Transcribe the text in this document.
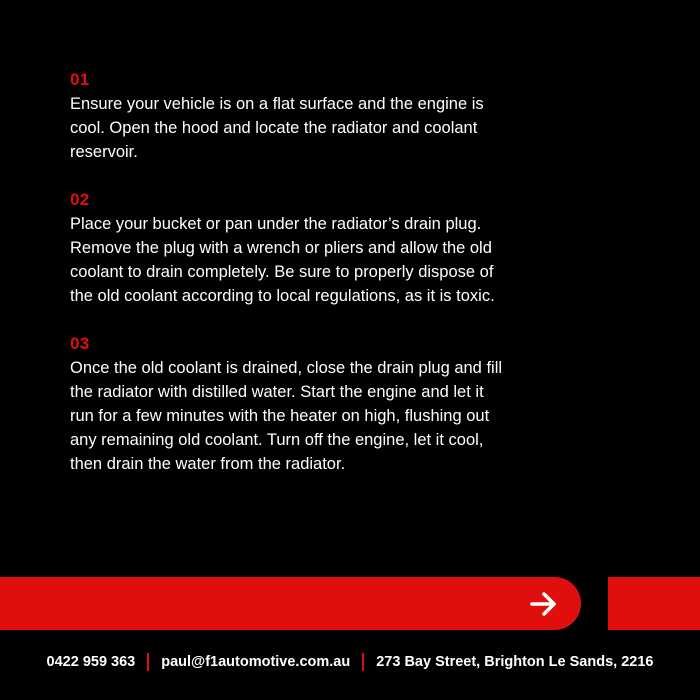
01

Ensure your vehicle is on a flat surface and the engine is cool. Open the hood and locate the radiator and coolant reservoir.

02

Place your bucket or pan under the radiator’s drain plug. Remove the plug with a wrench or pliers and allow the old coolant to drain completely. Be sure to properly dispose of the old coolant according to local regulations, as it is toxic.

03

Once the old coolant is drained, close the drain plug and fill the radiator with distilled water. Start the engine and let it run for a few minutes with the heater on high, flushing out any remaining old coolant. Turn off the engine, let it cool, then drain the water from the radiator.

0422 959 363 paul@f1automotive.com.au 273 Bay Street, Brighton Le Sands, 2216
